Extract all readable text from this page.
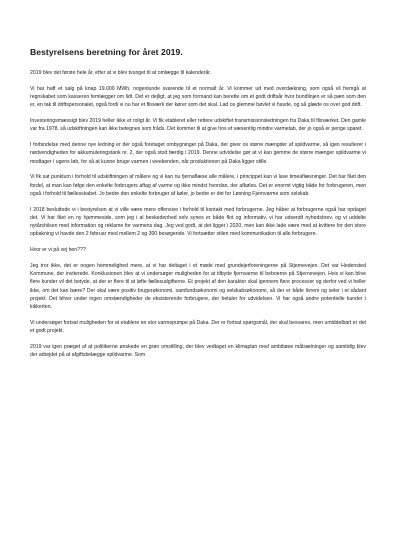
Bestyrelsens beretning for året 2019.

2019 blev det første hele år, efter at vi blev tvunget til at omlægge til kalenderår.

Vi har haft et salg på knap 19.000 MWh, nogenlunde svarende til et normalt år. Vi kommer ud med overdækning, som også vil fremgå at regnskabet som kasseren femlægger om lidt. Det er dejligt, at jeg som formand kan berette om et godt driftsår hvor bundlinjen er så pæn som den er, en tak til driftspersonalet, også fordi vi nu har et flisværk der kører som det skal. Lad os glemme bøvlet vi havde, og så glæde os over god drift.

Investeringsmæssigt blev 2019 heller ikke et roligt år. Vi fik etableret eller rettere udskiftet transmissionsledningen fra Daka til flisværket. Den gamle var fra 1978, så udskiftningen kan ikke betegnes som fråds. Det kommer til at give hos et væsentlig mindre varmetab, der jo også er penge sparet.

I forbindelse med denne nye ledning er der også foretaget ombygninger på Daka, der giver os større mængder af spildvarme, så igen resulterer i nødvendigheden for akkumuleringstank nr. 2, der også stod færdig i 2019. Denne udvidelse gør at vi kan gemme de større mænger spildvarme vi modtager i ugens løb, for så at kunne bruge varmen i weekenden, når produktionen på Daka ligger stille.

Vi fik sat punktum i forhold til udskiftningen af målere og vi kan nu fjernaflæse alle målere, i princippet kan vi lave timeaflæsninger. Det har fået den fordel, at man kan følge den enkelte forbrugers aftag af varme og ikke mindst hvordan, der afkøles. Det er enormt vigtig både for forbrugeren, men også i forhold til fællesskabet. Jo bedre den enkelte forbruger af køler, jo bedre er det for Løsning Fjernvarme som selskab.

I 2018 besluttede vi i bestyrelsen at vi ville være mere offensive i forhold til kontakt med forbrugerne. Jeg håber at forbrugerne også har opdaget det. Vi har fået en ny hjemmeside, som jeg i al beskedenhed selv synes er både flot og informativ, vi har udsendt nyhedsbrev, og vi uddelte nytårshilsen med information og reklame for varmens dag. Jeg ved godt, at det ligger i 2020, men kan ikke lade være med at kvittere for den store opbakning vi havde den 2 februar med mellem 2 og 300 besøgende. Vi fortsætter stilen med kommunikation til alle forbrugere.

Hvor er vi på vej hen???

Jeg tror ikke, det er nogen hemmelighed mere, at vi har deltaget i et møde med grundejerforeningerne på Stjernevejen. Det var Hedensted Kommune, der inviterede. Konklusionen blev at vi undersøger muligheden for at tilbyde fjernvarme til beboerne på Stjernevejen. Hvis vi kan blive flere kunder vil det betyde, at der er flere til at løfte fællesudgifterne. Et projekt af den karakter skal igennem flere processer og derfor ved vi heller ikke, om det kan bære? Der skal være positiv brugerøkonomi, samfundsøkonomi og selskabsøkonomi, så der er både livrem og seler i et sådant projekt. Det bliver under ingen omstændigheder de eksisterende forbrugere, der betaler for udvidelsen. Vi har også andre potentielle kunder i kikkerten.

Vi undersøger fortsat muligheden for at etablere en stor varmepumpe på Daka. Der er fortsat spørgsmål, der skal besvares, men umiddelbart er det et godt projekt.

2019 var igen præget af at politikerne ønskede en grøn omstilling, der blev vedtaget en klimaplan med ambitiøse målsætninger og samtidig blev der arbejdet på at afgiftsbelægge spildvarme. Som
